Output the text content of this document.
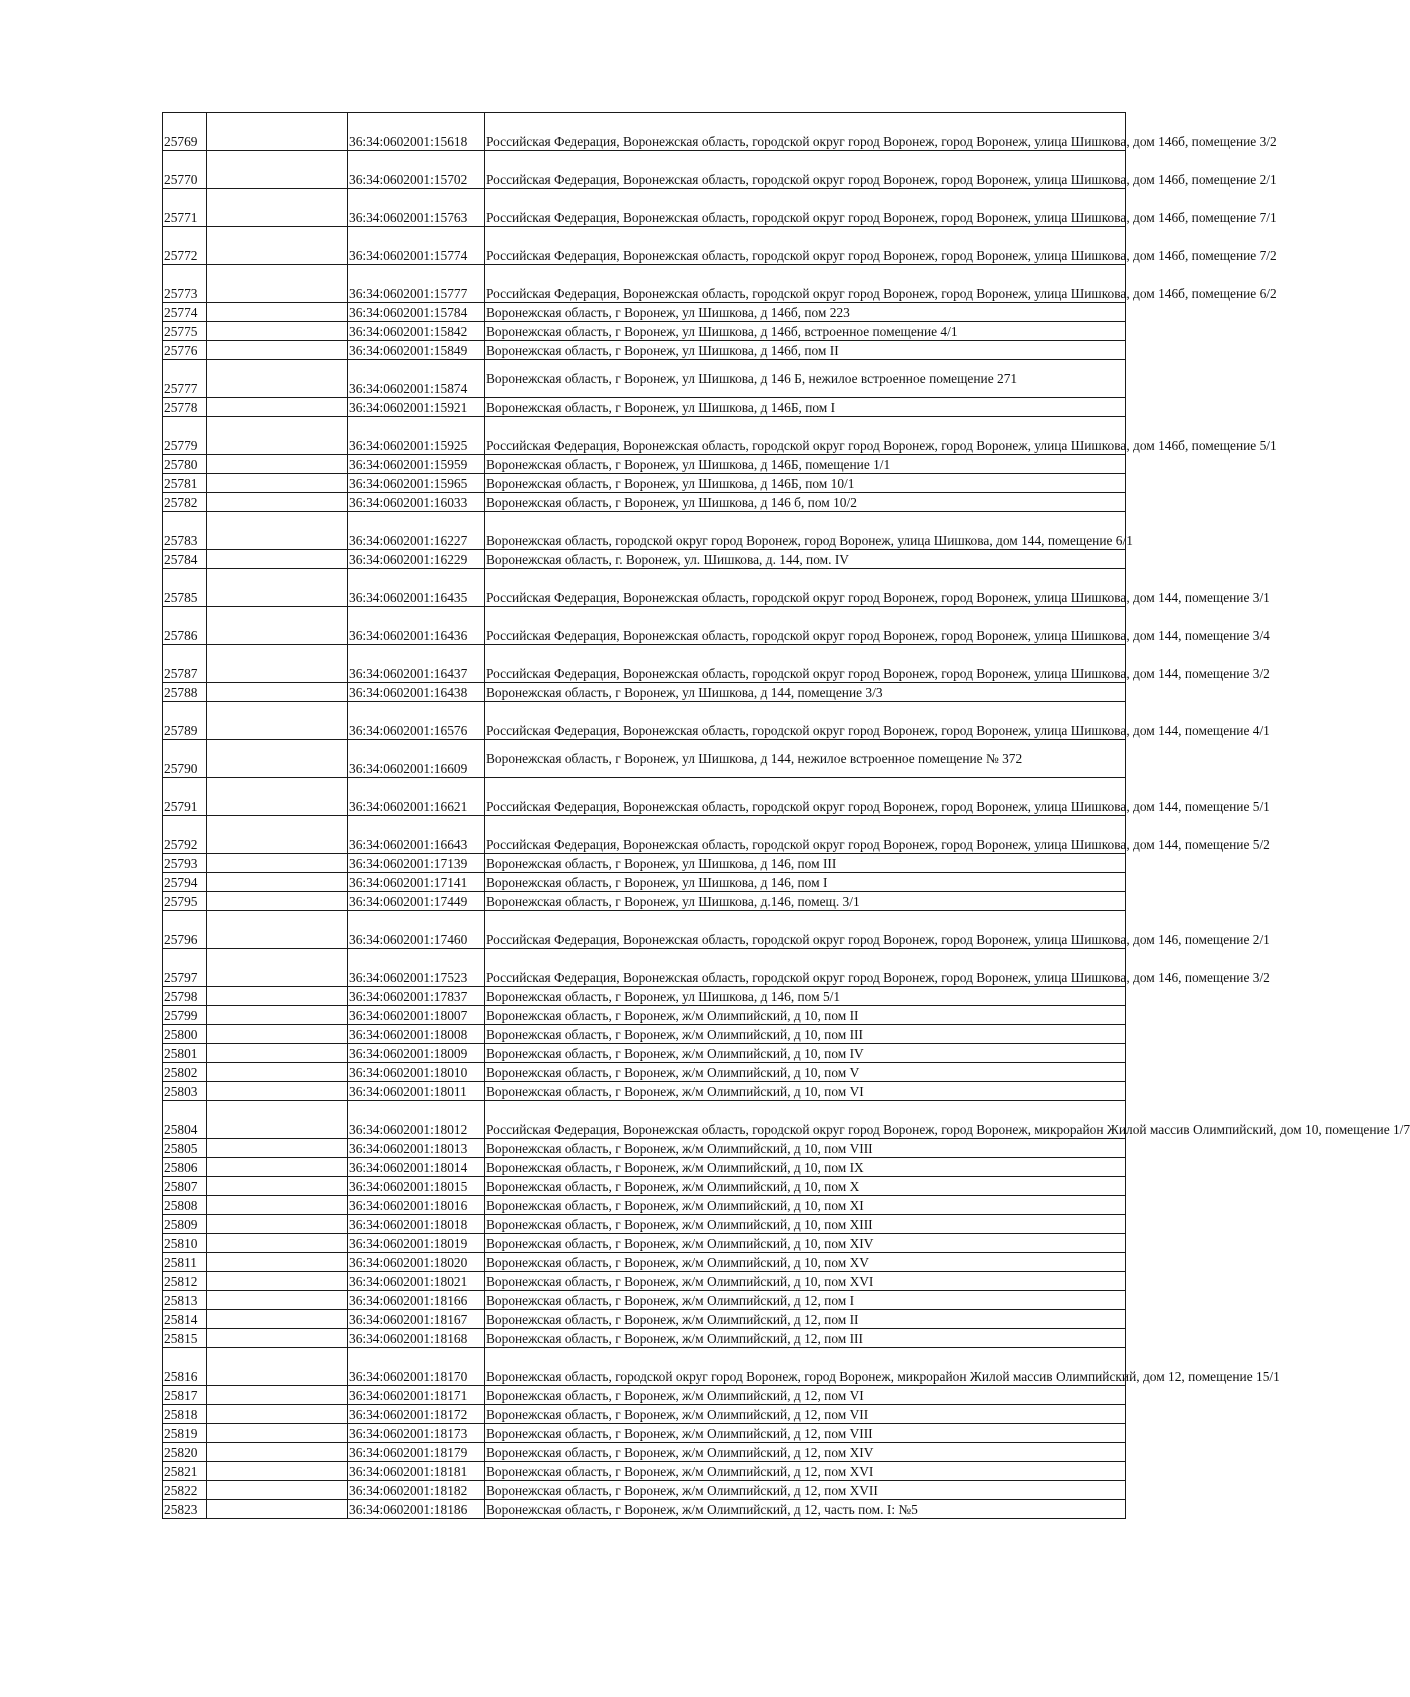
25769		36:34:0602001:15618	Российская Федерация, Воронежская область, городской округ город Воронеж, город Воронеж, улица Шишкова, дом 146б, помещение 3/2
25770		36:34:0602001:15702	Российская Федерация, Воронежская область, городской округ город Воронеж, город Воронеж, улица Шишкова, дом 146б, помещение 2/1
25771		36:34:0602001:15763	Российская Федерация, Воронежская область, городской округ город Воронеж, город Воронеж, улица Шишкова, дом 146б, помещение 7/1
25772		36:34:0602001:15774	Российская Федерация, Воронежская область, городской округ город Воронеж, город Воронеж, улица Шишкова, дом 146б, помещение 7/2
25773		36:34:0602001:15777	Российская Федерация, Воронежская область, городской округ город Воронеж, город Воронеж, улица Шишкова, дом 146б, помещение 6/2
25774		36:34:0602001:15784	Воронежская область, г Воронеж, ул Шишкова, д 146б, пом 223
25775		36:34:0602001:15842	Воронежская область, г Воронеж, ул Шишкова, д 146б, встроенное помещение 4/1
25776		36:34:0602001:15849	Воронежская область, г Воронеж, ул Шишкова, д 146б, пом II
25777		36:34:0602001:15874	Воронежская область, г Воронеж, ул Шишкова, д 146 Б, нежилое встроенное помещение 271
25778		36:34:0602001:15921	Воронежская область, г Воронеж, ул Шишкова, д 146Б, пом I
25779		36:34:0602001:15925	Российская Федерация, Воронежская область, городской округ город Воронеж, город Воронеж, улица Шишкова, дом 146б, помещение 5/1
25780		36:34:0602001:15959	Воронежская область, г Воронеж, ул Шишкова, д 146Б, помещение 1/1
25781		36:34:0602001:15965	Воронежская область, г Воронеж, ул Шишкова, д 146Б, пом 10/1
25782		36:34:0602001:16033	Воронежская область, г Воронеж, ул Шишкова, д 146 б, пом 10/2
25783		36:34:0602001:16227	Воронежская область, городской округ город Воронеж, город Воронеж, улица Шишкова, дом 144, помещение 6/1
25784		36:34:0602001:16229	Воронежская область, г. Воронеж, ул. Шишкова, д. 144, пом. IV
25785		36:34:0602001:16435	Российская Федерация, Воронежская область, городской округ город Воронеж, город Воронеж, улица Шишкова, дом 144, помещение 3/1
25786		36:34:0602001:16436	Российская Федерация, Воронежская область, городской округ город Воронеж, город Воронеж, улица Шишкова, дом 144, помещение 3/4
25787		36:34:0602001:16437	Российская Федерация, Воронежская область, городской округ город Воронеж, город Воронеж, улица Шишкова, дом 144, помещение 3/2
25788		36:34:0602001:16438	Воронежская область, г Воронеж, ул Шишкова, д 144, помещение 3/3
25789		36:34:0602001:16576	Российская Федерация, Воронежская область, городской округ город Воронеж, город Воронеж, улица Шишкова, дом 144, помещение 4/1
25790		36:34:0602001:16609	Воронежская область, г Воронеж, ул Шишкова, д 144, нежилое встроенное помещение № 372
25791		36:34:0602001:16621	Российская Федерация, Воронежская область, городской округ город Воронеж, город Воронеж, улица Шишкова, дом 144, помещение 5/1
25792		36:34:0602001:16643	Российская Федерация, Воронежская область, городской округ город Воронеж, город Воронеж, улица Шишкова, дом 144, помещение 5/2
25793		36:34:0602001:17139	Воронежская область, г Воронеж, ул Шишкова, д 146, пом III
25794		36:34:0602001:17141	Воронежская область, г Воронеж, ул Шишкова, д 146, пом I
25795		36:34:0602001:17449	Воронежская область, г Воронеж, ул Шишкова, д.146, помещ. 3/1
25796		36:34:0602001:17460	Российская Федерация, Воронежская область, городской округ город Воронеж, город Воронеж, улица Шишкова, дом 146, помещение 2/1
25797		36:34:0602001:17523	Российская Федерация, Воронежская область, городской округ город Воронеж, город Воронеж, улица Шишкова, дом 146, помещение 3/2
25798		36:34:0602001:17837	Воронежская область, г Воронеж, ул Шишкова, д 146, пом 5/1
25799		36:34:0602001:18007	Воронежская область, г Воронеж, ж/м Олимпийский, д 10, пом II
25800		36:34:0602001:18008	Воронежская область, г Воронеж, ж/м Олимпийский, д 10, пом III
25801		36:34:0602001:18009	Воронежская область, г Воронеж, ж/м Олимпийский, д 10, пом IV
25802		36:34:0602001:18010	Воронежская область, г Воронеж, ж/м Олимпийский, д 10, пом V
25803		36:34:0602001:18011	Воронежская область, г Воронеж, ж/м Олимпийский, д 10, пом VI
25804		36:34:0602001:18012	Российская Федерация, Воронежская область, городской округ город Воронеж, город Воронеж, микрорайон Жилой массив Олимпийский, дом 10, помещение 1/7
25805		36:34:0602001:18013	Воронежская область, г Воронеж, ж/м Олимпийский, д 10, пом VIII
25806		36:34:0602001:18014	Воронежская область, г Воронеж, ж/м Олимпийский, д 10, пом IX
25807		36:34:0602001:18015	Воронежская область, г Воронеж, ж/м Олимпийский, д 10, пом X
25808		36:34:0602001:18016	Воронежская область, г Воронеж, ж/м Олимпийский, д 10, пом XI
25809		36:34:0602001:18018	Воронежская область, г Воронеж, ж/м Олимпийский, д 10, пом XIII
25810		36:34:0602001:18019	Воронежская область, г Воронеж, ж/м Олимпийский, д 10, пом XIV
25811		36:34:0602001:18020	Воронежская область, г Воронеж, ж/м Олимпийский, д 10, пом XV
25812		36:34:0602001:18021	Воронежская область, г Воронеж, ж/м Олимпийский, д 10, пом XVI
25813		36:34:0602001:18166	Воронежская область, г Воронеж, ж/м Олимпийский, д 12, пом I
25814		36:34:0602001:18167	Воронежская область, г Воронеж, ж/м Олимпийский, д 12, пом II
25815		36:34:0602001:18168	Воронежская область, г Воронеж, ж/м Олимпийский, д 12, пом III
25816		36:34:0602001:18170	Воронежская область, городской округ город Воронеж, город Воронеж, микрорайон Жилой массив Олимпийский, дом 12, помещение 15/1
25817		36:34:0602001:18171	Воронежская область, г Воронеж, ж/м Олимпийский, д 12, пом VI
25818		36:34:0602001:18172	Воронежская область, г Воронеж, ж/м Олимпийский, д 12, пом VII
25819		36:34:0602001:18173	Воронежская область, г Воронеж, ж/м Олимпийский, д 12, пом VIII
25820		36:34:0602001:18179	Воронежская область, г Воронеж, ж/м Олимпийский, д 12, пом XIV
25821		36:34:0602001:18181	Воронежская область, г Воронеж, ж/м Олимпийский, д 12, пом XVI
25822		36:34:0602001:18182	Воронежская область, г Воронеж, ж/м Олимпийский, д 12, пом XVII
25823		36:34:0602001:18186	Воронежская область, г Воронеж, ж/м Олимпийский, д 12, часть пом. I: №5
